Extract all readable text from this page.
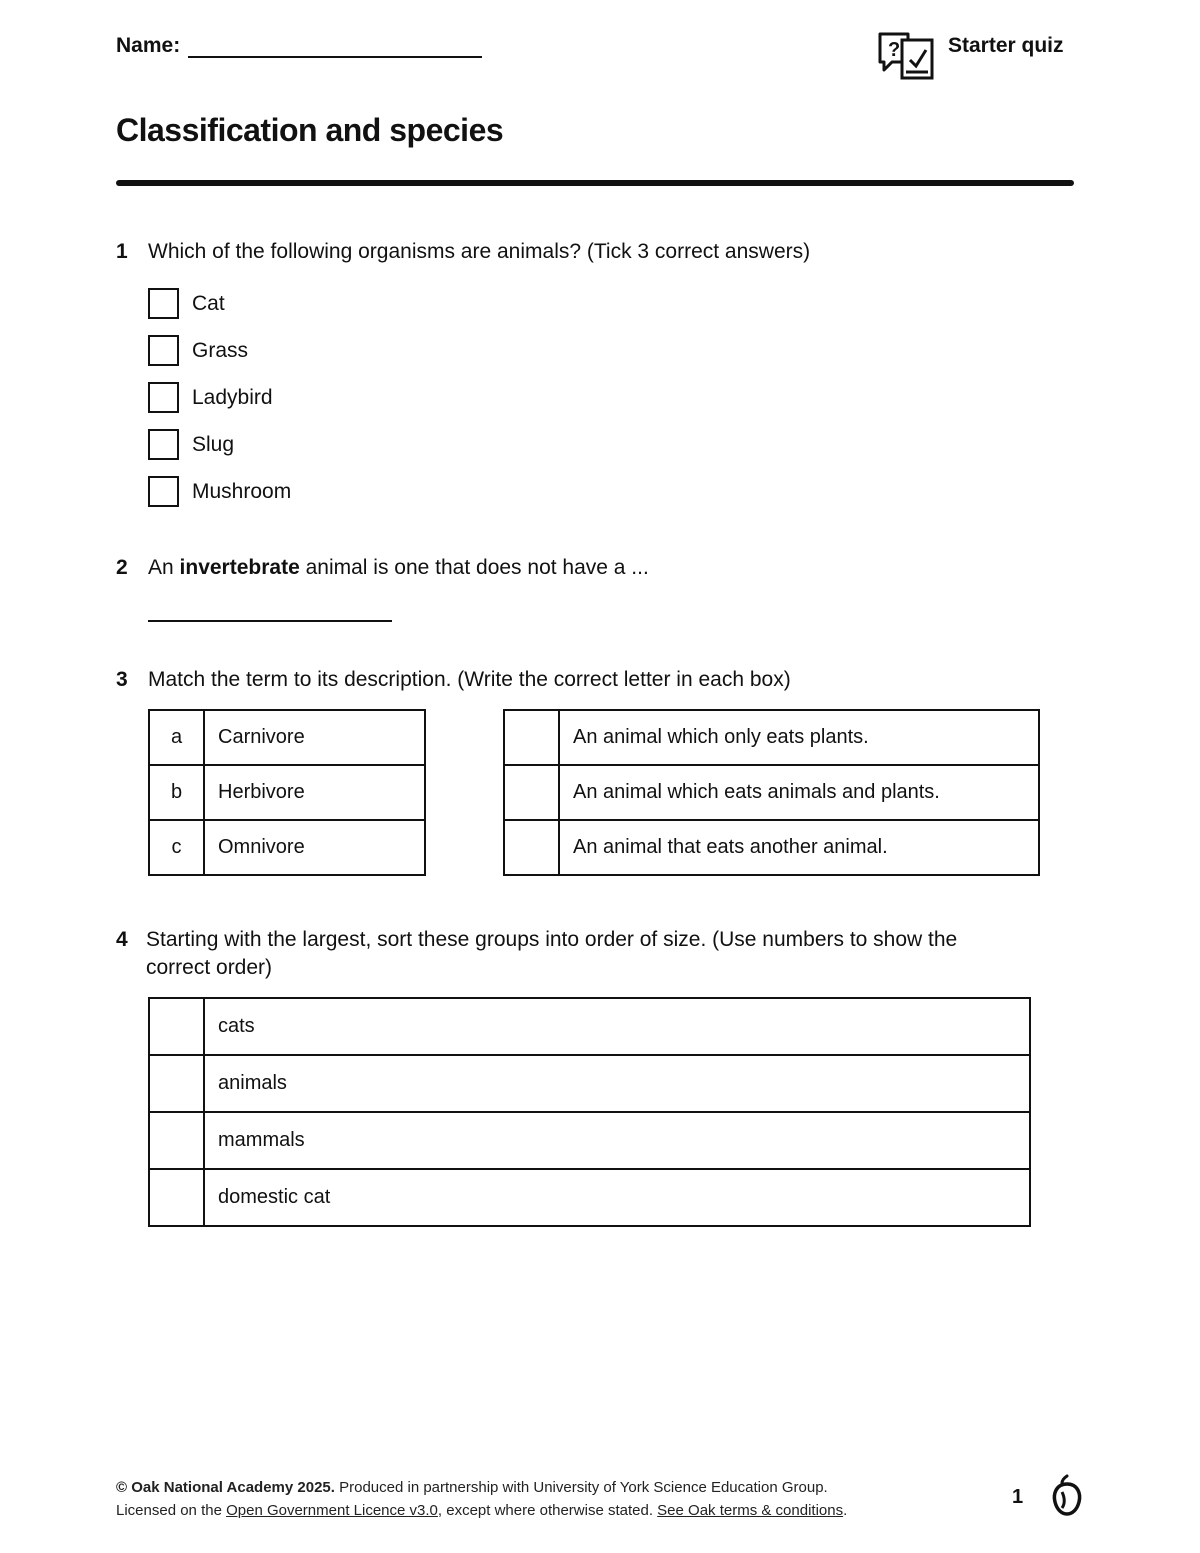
Name:	? Starter quiz
Classification and species
1 Which of the following organisms are animals? (Tick 3 correct answers)
Cat
Grass
Ladybird
Slug
Mushroom
2 An invertebrate animal is one that does not have a ...
3 Match the term to its description. (Write the correct letter in each box)
a	Carnivore
b	Herbivore
c	Omnivore
	An animal which only eats plants.
	An animal which eats animals and plants.
	An animal that eats another animal.
4 Starting with the largest, sort these groups into order of size. (Use numbers to show the
correct order)
	cats
	animals
	mammals
	domestic cat
© Oak National Academy 2025. Produced in partnership with University of York Science Education Group.
Licensed on the Open Government Licence v3.0, except where otherwise stated. See Oak terms & conditions.
1
